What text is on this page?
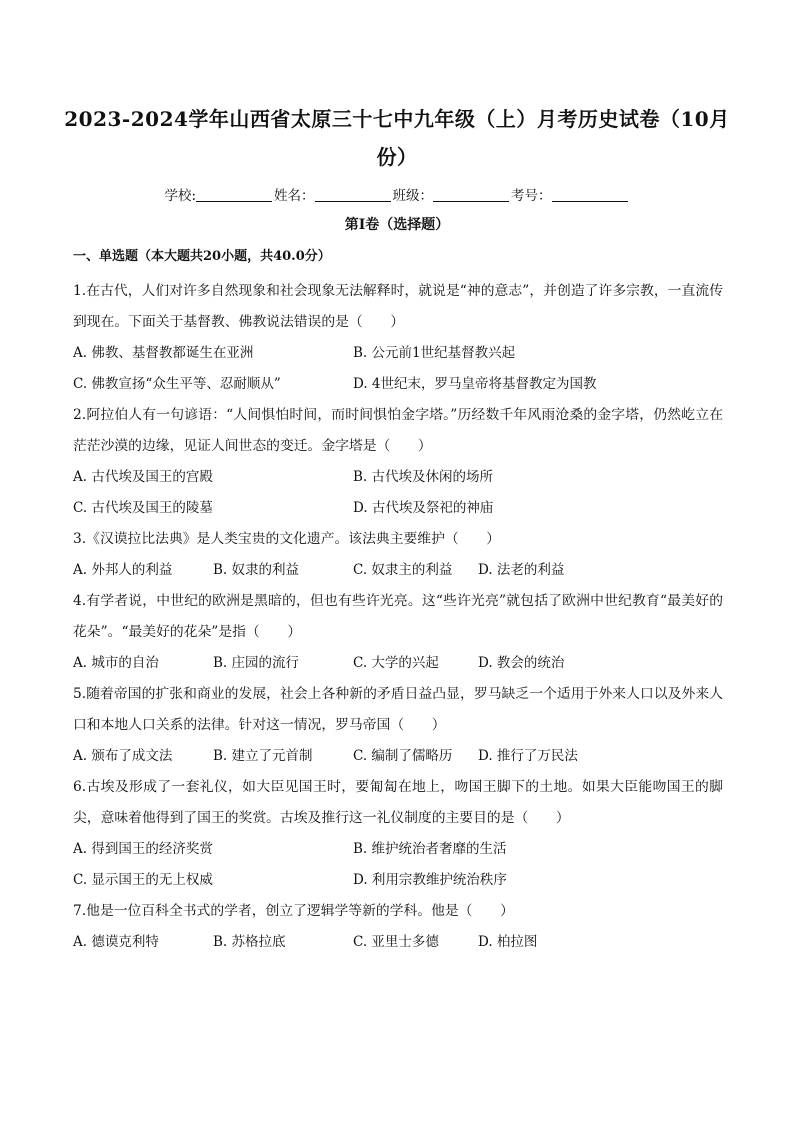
2023-2024学年山西省太原三十七中九年级（上）月考历史试卷（10月份）
学校:	姓名：	班级：	考号：
第I卷（选择题）
一、单选题（本大题共20小题，共40.0分）
1.在古代，人们对许多自然现象和社会现象无法解释时，就说是“神的意志”，并创造了许多宗教，一直流传到现在。下面关于基督教、佛教说法错误的是（　　）
A. 佛教、基督教都诞生在亚洲	B. 公元前1世纪基督教兴起
C. 佛教宣扬“众生平等、忍耐顺从”	D. 4世纪末，罗马皇帝将基督教定为国教
2.阿拉伯人有一句谚语：“人间惧怕时间，而时间惧怕金字塔。”历经数千年风雨沧桑的金字塔，仍然屹立在茫茫沙漠的边缘，见证人间世态的变迁。金字塔是（　　）
A. 古代埃及国王的宫殿	B. 古代埃及休闲的场所
C. 古代埃及国王的陵墓	D. 古代埃及祭祀的神庙
3.《汉谟拉比法典》是人类宝贵的文化遗产。该法典主要维护（　　）
A. 外邦人的利益	B. 奴隶的利益	C. 奴隶主的利益 D. 法老的利益
4.有学者说，中世纪的欧洲是黑暗的，但也有些许光亮。这“些许光亮”就包括了欧洲中世纪教育“最美好的花朵”。“最美好的花朵”是指（　　）
A. 城市的自治	B. 庄园的流行	C. 大学的兴起	D. 教会的统治
5.随着帝国的扩张和商业的发展，社会上各种新的矛盾日益凸显，罗马缺乏一个适用于外来人口以及外来人口和本地人口关系的法律。针对这一情况，罗马帝国（　　）
A. 颁布了成文法	B. 建立了元首制	C. 编制了儒略历 D. 推行了万民法
6.古埃及形成了一套礼仪，如大臣见国王时，要匍匐在地上，吻国王脚下的土地。如果大臣能吻国王的脚尖，意味着他得到了国王的奖赏。古埃及推行这一礼仪制度的主要目的是（　　）
A. 得到国王的经济奖赏	B. 维护统治者奢靡的生活
C. 显示国王的无上权威	D. 利用宗教维护统治秩序
7.他是一位百科全书式的学者，创立了逻辑学等新的学科。他是（　　）
A. 德谟克利特	B. 苏格拉底	C. 亚里士多德	D. 柏拉图
